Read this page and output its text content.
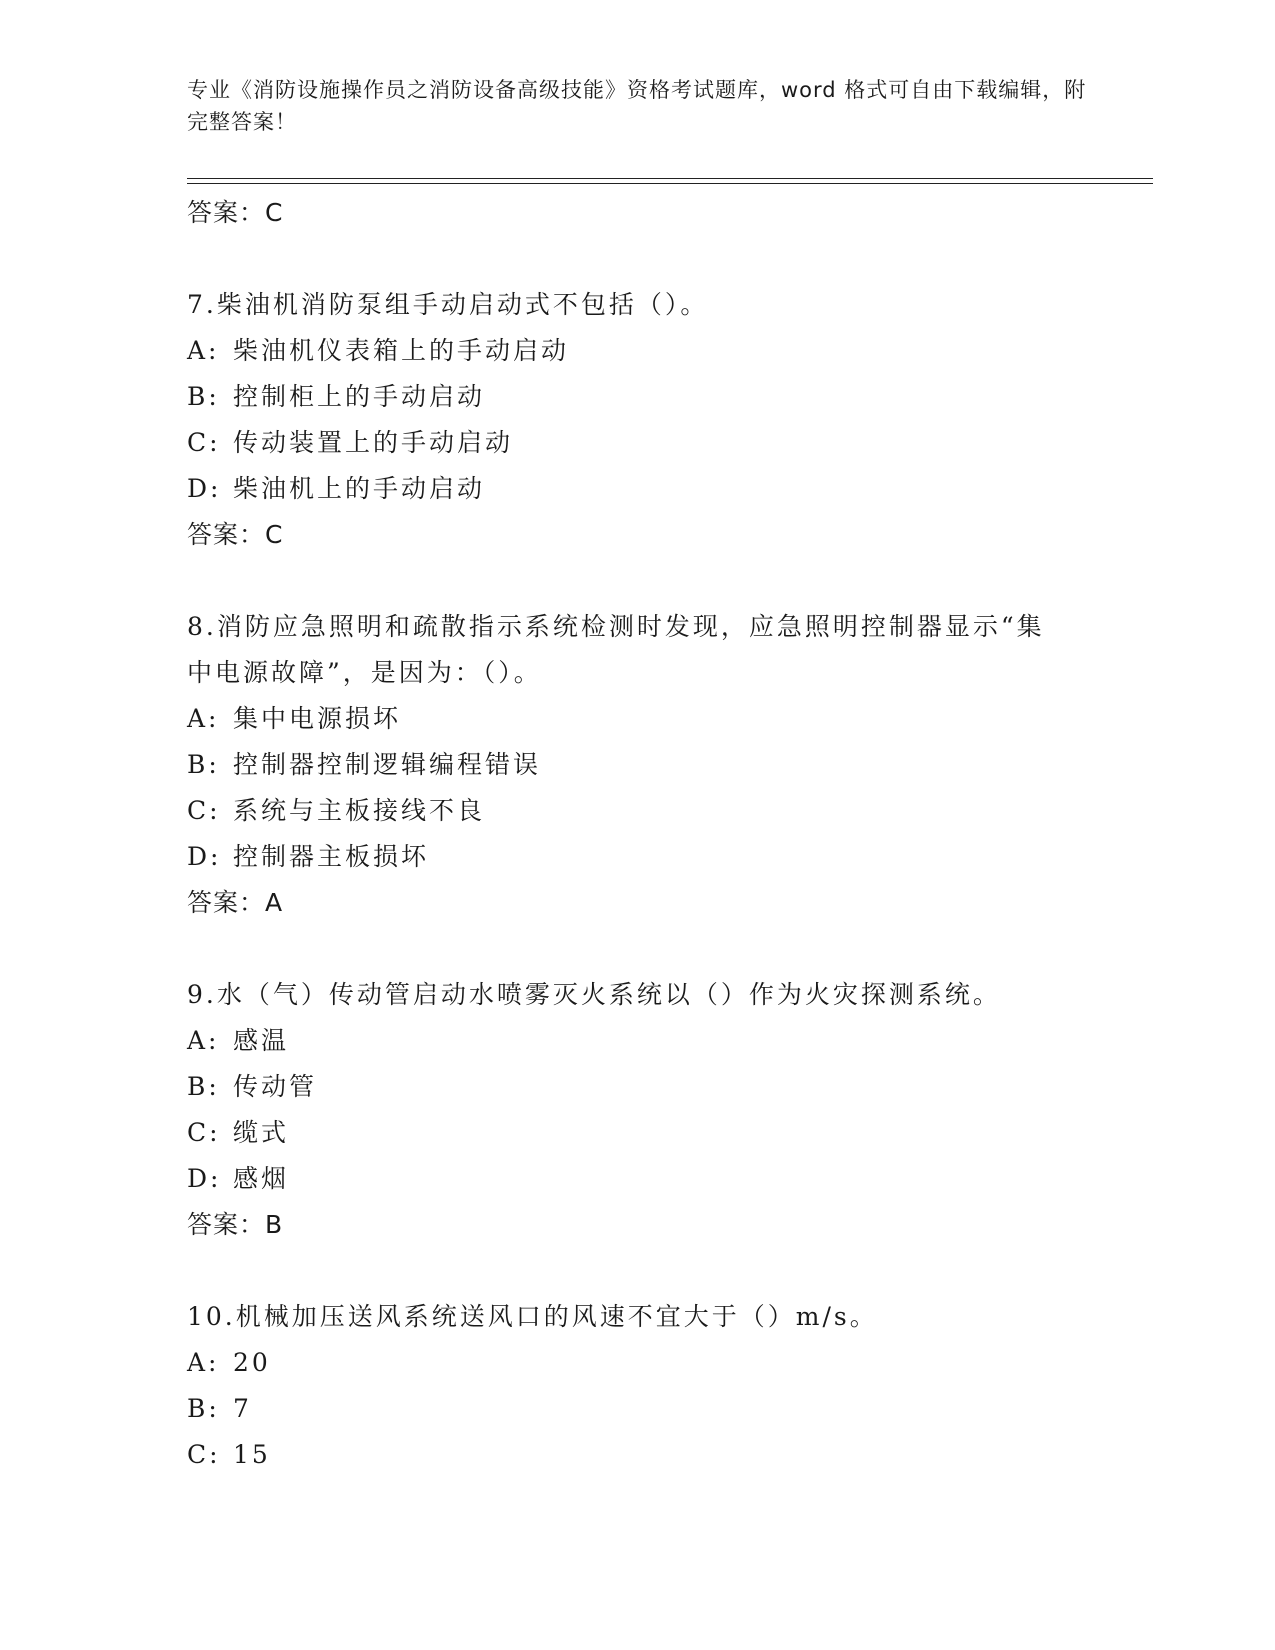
专业《消防设施操作员之消防设备高级技能》资格考试题库，word 格式可自由下载编辑，附完整答案！
答案：C
7.柴油机消防泵组手动启动式不包括（）。
A: 柴油机仪表箱上的手动启动
B: 控制柜上的手动启动
C: 传动装置上的手动启动
D: 柴油机上的手动启动
答案：C
8.消防应急照明和疏散指示系统检测时发现，应急照明控制器显示“集中电源故障”，是因为：（）。
A: 集中电源损坏
B: 控制器控制逻辑编程错误
C: 系统与主板接线不良
D: 控制器主板损坏
答案：A
9.水（气）传动管启动水喷雾灭火系统以（）作为火灾探测系统。
A: 感温
B: 传动管
C: 缆式
D: 感烟
答案：B
10.机械加压送风系统送风口的风速不宜大于（）m/s。
A: 20
B: 7
C: 15
